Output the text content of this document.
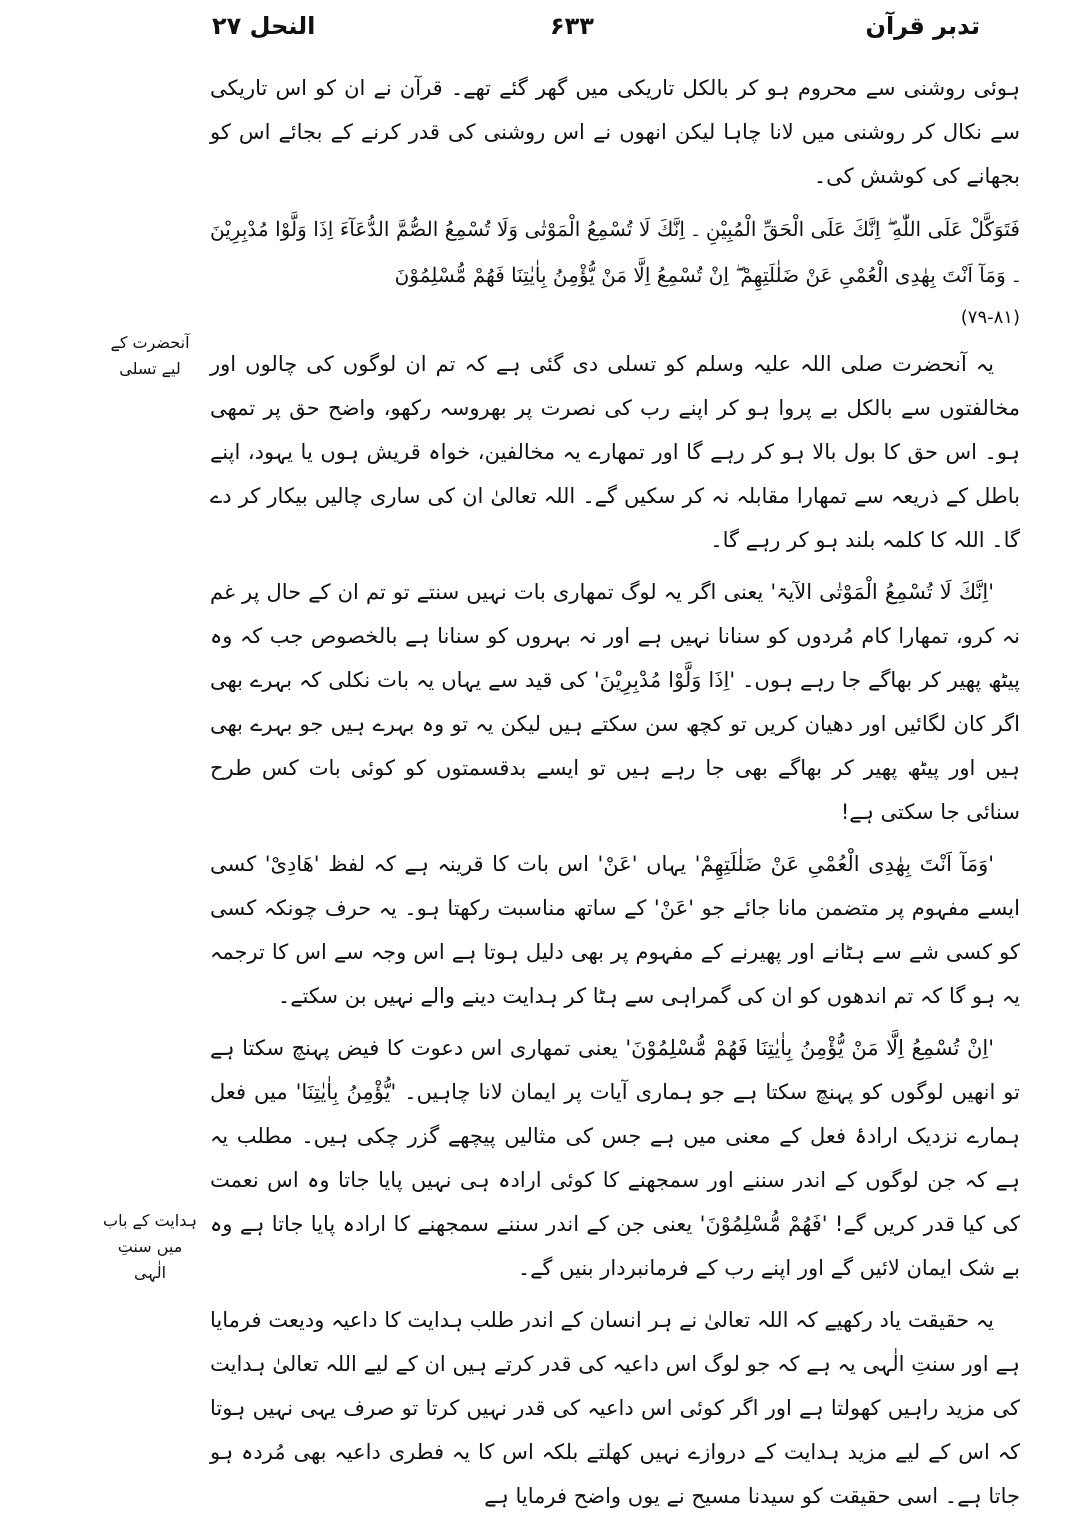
النحل ۲۷	۶۳۳	تدبر قرآن

ہوئی روشنی سے محروم ہو کر بالکل تاریکی میں گھر گئے تھے۔ قرآن نے ان کو اس تاریکی سے نکال کر روشنی میں لانا چاہا لیکن انھوں نے اس روشنی کی قدر کرنے کے بجائے اس کو بجھانے کی کوشش کی۔

فَتَوَكَّلْ عَلَى اللّٰهِ ۖ اِنَّكَ عَلَى الْحَقِّ الْمُبِيْنِ ۔ اِنَّكَ لَا تُسْمِعُ الْمَوْتٰى وَلَا تُسْمِعُ الصُّمَّ الدُّعَآءَ اِذَا وَلَّوْا مُدْبِرِيْنَ ۔ وَمَآ اَنْتَ بِهٰدِى الْعُمْىِ عَنْ ضَلٰلَتِهِمْ ۖ اِنْ تُسْمِعُ اِلَّا مَنْ يُّؤْمِنُ بِاٰيٰتِنَا فَهُمْ مُّسْلِمُوْنَ

(۷۹-۸۱)

یہ آنحضرت صلی اللہ علیہ وسلم کو تسلی دی گئی ہے کہ تم ان لوگوں کی چالوں اور مخالفتوں سے بالکل بے پروا ہو کر اپنے رب کی نصرت پر بھروسہ رکھو، واضح حق پر تمھی ہو۔ اس حق کا بول بالا ہو کر رہے گا اور تمھارے یہ مخالفین، خواہ قریش ہوں یا یہود، اپنے باطل کے ذریعہ سے تمھارا مقابلہ نہ کر سکیں گے۔ اللہ تعالیٰ ان کی ساری چالیں بیکار کر دے گا۔ اللہ کا کلمہ بلند ہو کر رہے گا۔

'اِنَّكَ لَا تُسْمِعُ الْمَوْتٰى الآیۃ' یعنی اگر یہ لوگ تمھاری بات نہیں سنتے تو تم ان کے حال پر غم نہ کرو، تمھارا کام مُردوں کو سنانا نہیں ہے اور نہ بہروں کو سنانا ہے بالخصوص جب کہ وہ پیٹھ پھیر کر بھاگے جا رہے ہوں۔ 'اِذَا وَلَّوْا مُدْبِرِيْنَ' کی قید سے یہاں یہ بات نکلی کہ بہرے بھی اگر کان لگائیں اور دھیان کریں تو کچھ سن سکتے ہیں لیکن یہ تو وہ بہرے ہیں جو بہرے بھی ہیں اور پیٹھ پھیر کر بھاگے بھی جا رہے ہیں تو ایسے بدقسمتوں کو کوئی بات کس طرح سنائی جا سکتی ہے!

'وَمَآ اَنْتَ بِهٰدِى الْعُمْىِ عَنْ ضَلٰلَتِهِمْ' یہاں 'عَنْ' اس بات کا قرینہ ہے کہ لفظ 'ھَادِیْ' کسی ایسے مفہوم پر متضمن مانا جائے جو 'عَنْ' کے ساتھ مناسبت رکھتا ہو۔ یہ حرف چونکہ کسی کو کسی شے سے ہٹانے اور پھیرنے کے مفہوم پر بھی دلیل ہوتا ہے اس وجہ سے اس کا ترجمہ یہ ہو گا کہ تم اندھوں کو ان کی گمراہی سے ہٹا کر ہدایت دینے والے نہیں بن سکتے۔

'اِنْ تُسْمِعُ اِلَّا مَنْ يُّؤْمِنُ بِاٰيٰتِنَا فَهُمْ مُّسْلِمُوْنَ' یعنی تمھاری اس دعوت کا فیض پہنچ سکتا ہے تو انھیں لوگوں کو پہنچ سکتا ہے جو ہماری آیات پر ایمان لانا چاہیں۔ 'يُّؤْمِنُ بِاٰيٰتِنَا' میں فعل ہمارے نزدیک ارادۂ فعل کے معنی میں ہے جس کی مثالیں پیچھے گزر چکی ہیں۔ مطلب یہ ہے کہ جن لوگوں کے اندر سننے اور سمجھنے کا کوئی ارادہ ہی نہیں پایا جاتا وہ اس نعمت کی کیا قدر کریں گے! 'فَهُمْ مُّسْلِمُوْنَ' یعنی جن کے اندر سننے سمجھنے کا ارادہ پایا جاتا ہے وہ بے شک ایمان لائیں گے اور اپنے رب کے فرمانبردار بنیں گے۔

یہ حقیقت یاد رکھیے کہ اللہ تعالیٰ نے ہر انسان کے اندر طلب ہدایت کا داعیہ ودیعت فرمایا ہے اور سنتِ الٰہی یہ ہے کہ جو لوگ اس داعیہ کی قدر کرتے ہیں ان کے لیے اللہ تعالیٰ ہدایت کی مزید راہیں کھولتا ہے اور اگر کوئی اس داعیہ کی قدر نہیں کرتا تو صرف یہی نہیں ہوتا کہ اس کے لیے مزید ہدایت کے دروازے نہیں کھلتے بلکہ اس کا یہ فطری داعیہ بھی مُردہ ہو جاتا ہے۔ اسی حقیقت کو سیدنا مسیح نے یوں واضح فرمایا ہے

آنحضرت کے لیے تسلی
ہدایت کے باب میں سنتِ الٰہی
